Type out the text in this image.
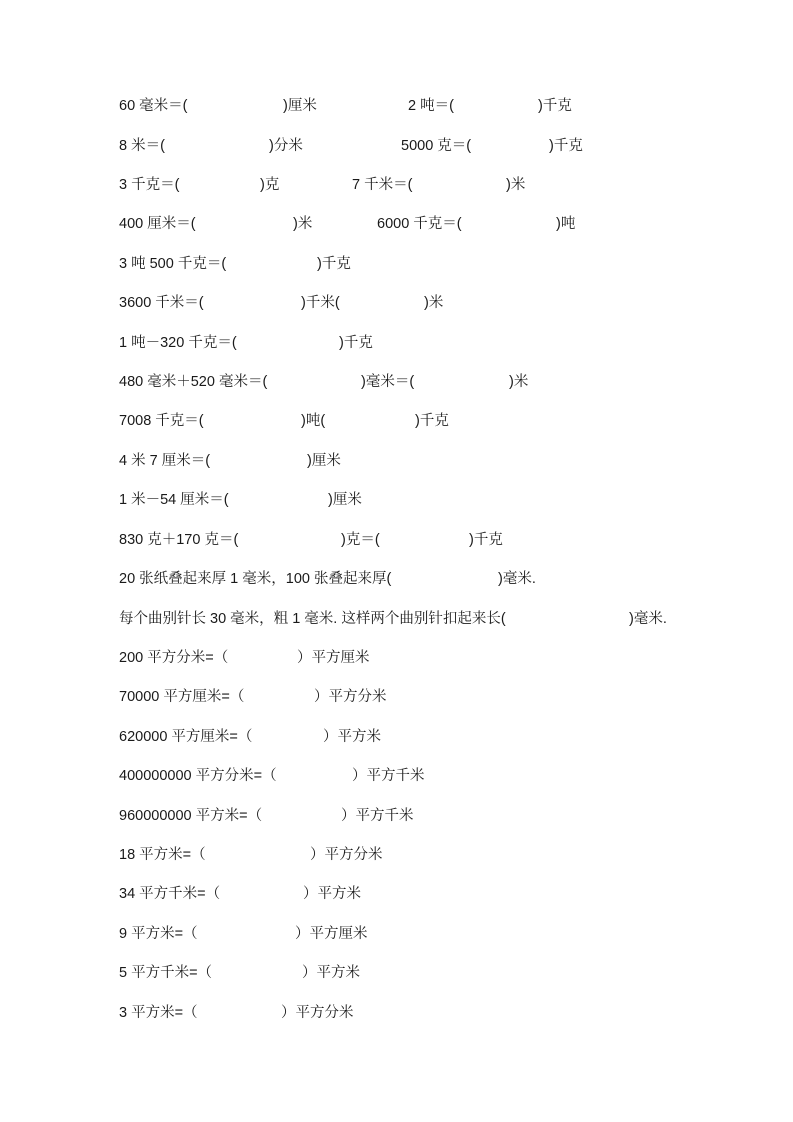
60 毫米＝(	)厘米	2 吨＝(	)千克
8 米＝(	)分米	5000 克＝(	)千克
3 千克＝(	)克	7 千米＝(	)米
400 厘米＝(	)米	6000 千克＝(	)吨
3 吨 500 千克＝(	)千克
3600 千米＝(	)千米(	)米
1 吨－320 千克＝(	)千克
480 毫米＋520 毫米＝(	)毫米＝(	)米
7008 千克＝(	)吨(	)千克
4 米 7 厘米＝(	)厘米
1 米－54 厘米＝(	)厘米
830 克＋170 克＝(	)克＝(	)千克
20 张纸叠起来厚 1 毫米，100 张叠起来厚(	)毫米.
每个曲别针长 30 毫米，粗 1 毫米. 这样两个曲别针扣起来长(	)毫米.
200 平方分米=（	）平方厘米
70000 平方厘米=（	）平方分米
620000 平方厘米=（	）平方米
400000000 平方分米=（	）平方千米
960000000 平方米=（	）平方千米
18 平方米=（	）平方分米
34 平方千米=（	）平方米
9 平方米=（	）平方厘米
5 平方千米=（	）平方米
3 平方米=（	）平方分米
